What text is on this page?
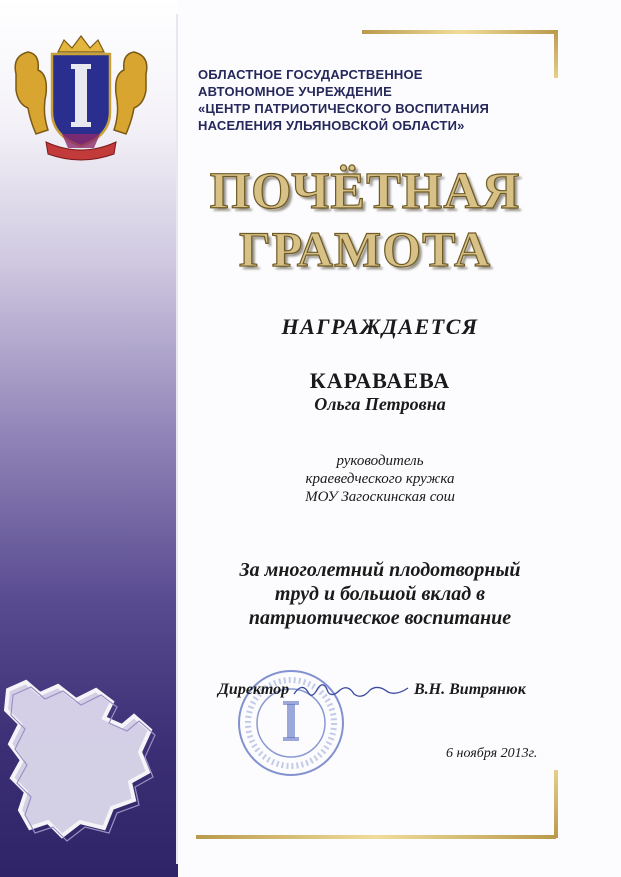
ОБЛАСТНОЕ ГОСУДАРСТВЕННОЕ
АВТОНОМНОЕ УЧРЕЖДЕНИЕ
«ЦЕНТР ПАТРИОТИЧЕСКОГО ВОСПИТАНИЯ
НАСЕЛЕНИЯ УЛЬЯНОВСКОЙ ОБЛАСТИ»
ПОЧЁТНАЯ
ГРАМОТА
НАГРАЖДАЕТСЯ
КАРАВАЕВА
Ольга Петровна
руководитель
краеведческого кружка
МОУ Загоскинская сош
За многолетний плодотворный
труд и большой вклад в
патриотическое воспитание
Директор	В.Н. Витрянюк
6 ноября 2013г.
